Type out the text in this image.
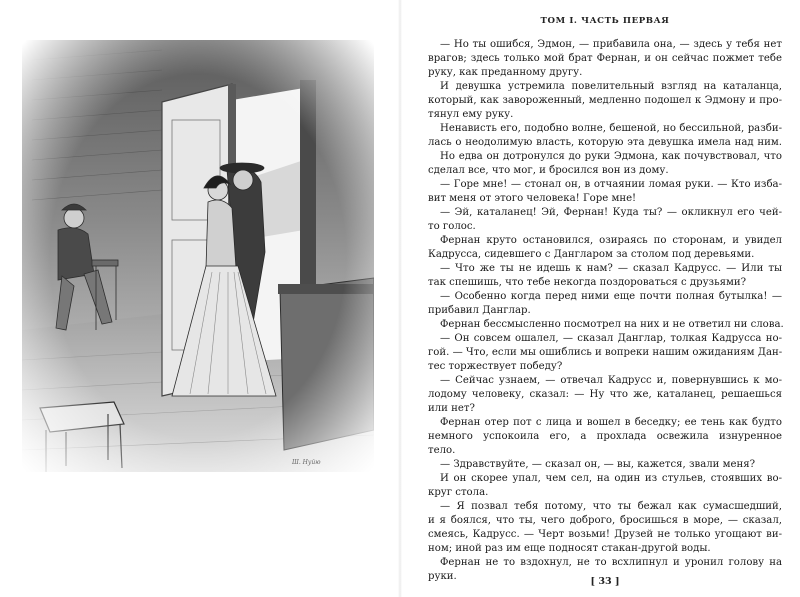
Ш. Нуйю
ТОМ I. ЧАСТЬ ПЕРВАЯ
— Но ты ошибся, Эдмон, — прибавила она, — здесь у тебя нет
врагов; здесь только мой брат Фернан, и он сейчас пожмет тебе
руку, как преданному другу.
И девушка устремила повелительный взгляд на каталанца,
который, как завороженный, медленно подошел к Эдмону и про-
тянул ему руку.
Ненависть его, подобно волне, бешеной, но бессильной, разби-
лась о неодолимую власть, которую эта девушка имела над ним.
Но едва он дотронулся до руки Эдмона, как почувствовал, что
сделал все, что мог, и бросился вон из дому.
— Горе мне! — стонал он, в отчаянии ломая руки. — Кто избa-
вит меня от этого человека! Горе мне!
— Эй, каталанец! Эй, Фернан! Куда ты? — окликнул его чей-
то голос.
Фернан круто остановился, озираясь по сторонам, и увидел
Кадрусса, сидевшего с Дангларом за столом под деревьями.
— Что же ты не идешь к нам? — сказал Кадрусс. — Или ты
так спешишь, что тебе некогда поздороваться с друзьями?
— Особенно когда перед ними еще почти полная бутылка! —
прибавил Данглар.
Фернан бессмысленно посмотрел на них и не ответил ни слова.
— Он совсем ошалел, — сказал Данглар, толкая Кадрусса но-
гой. — Что, если мы ошиблись и вопреки нашим ожиданиям Дан-
тес торжествует победу?
— Сейчас узнаем, — отвечал Кадрусс и, повернувшись к мо-
лодому человеку, сказал: — Ну что же, каталанец, решаешься
или нет?
Фернан отер пот с лица и вошел в беседку; ее тень как будто
немного успокоила его, а прохлада освежила изнуренное
тело.
— Здравствуйте, — сказал он, — вы, кажется, звали меня?
И он скорее упал, чем сел, на один из стульев, стоявших во-
круг стола.
— Я позвал тебя потому, что ты бежал как сумасшедший,
и я боялся, что ты, чего доброго, бросишься в море, — сказал,
смеясь, Кадрусс. — Черт возьми! Друзей не только угощают ви-
ном; иной раз им еще подносят стакан-другой воды.
Фернан не то вздохнул, не то всхлипнул и уронил голову на
руки.	[ 33 ]
